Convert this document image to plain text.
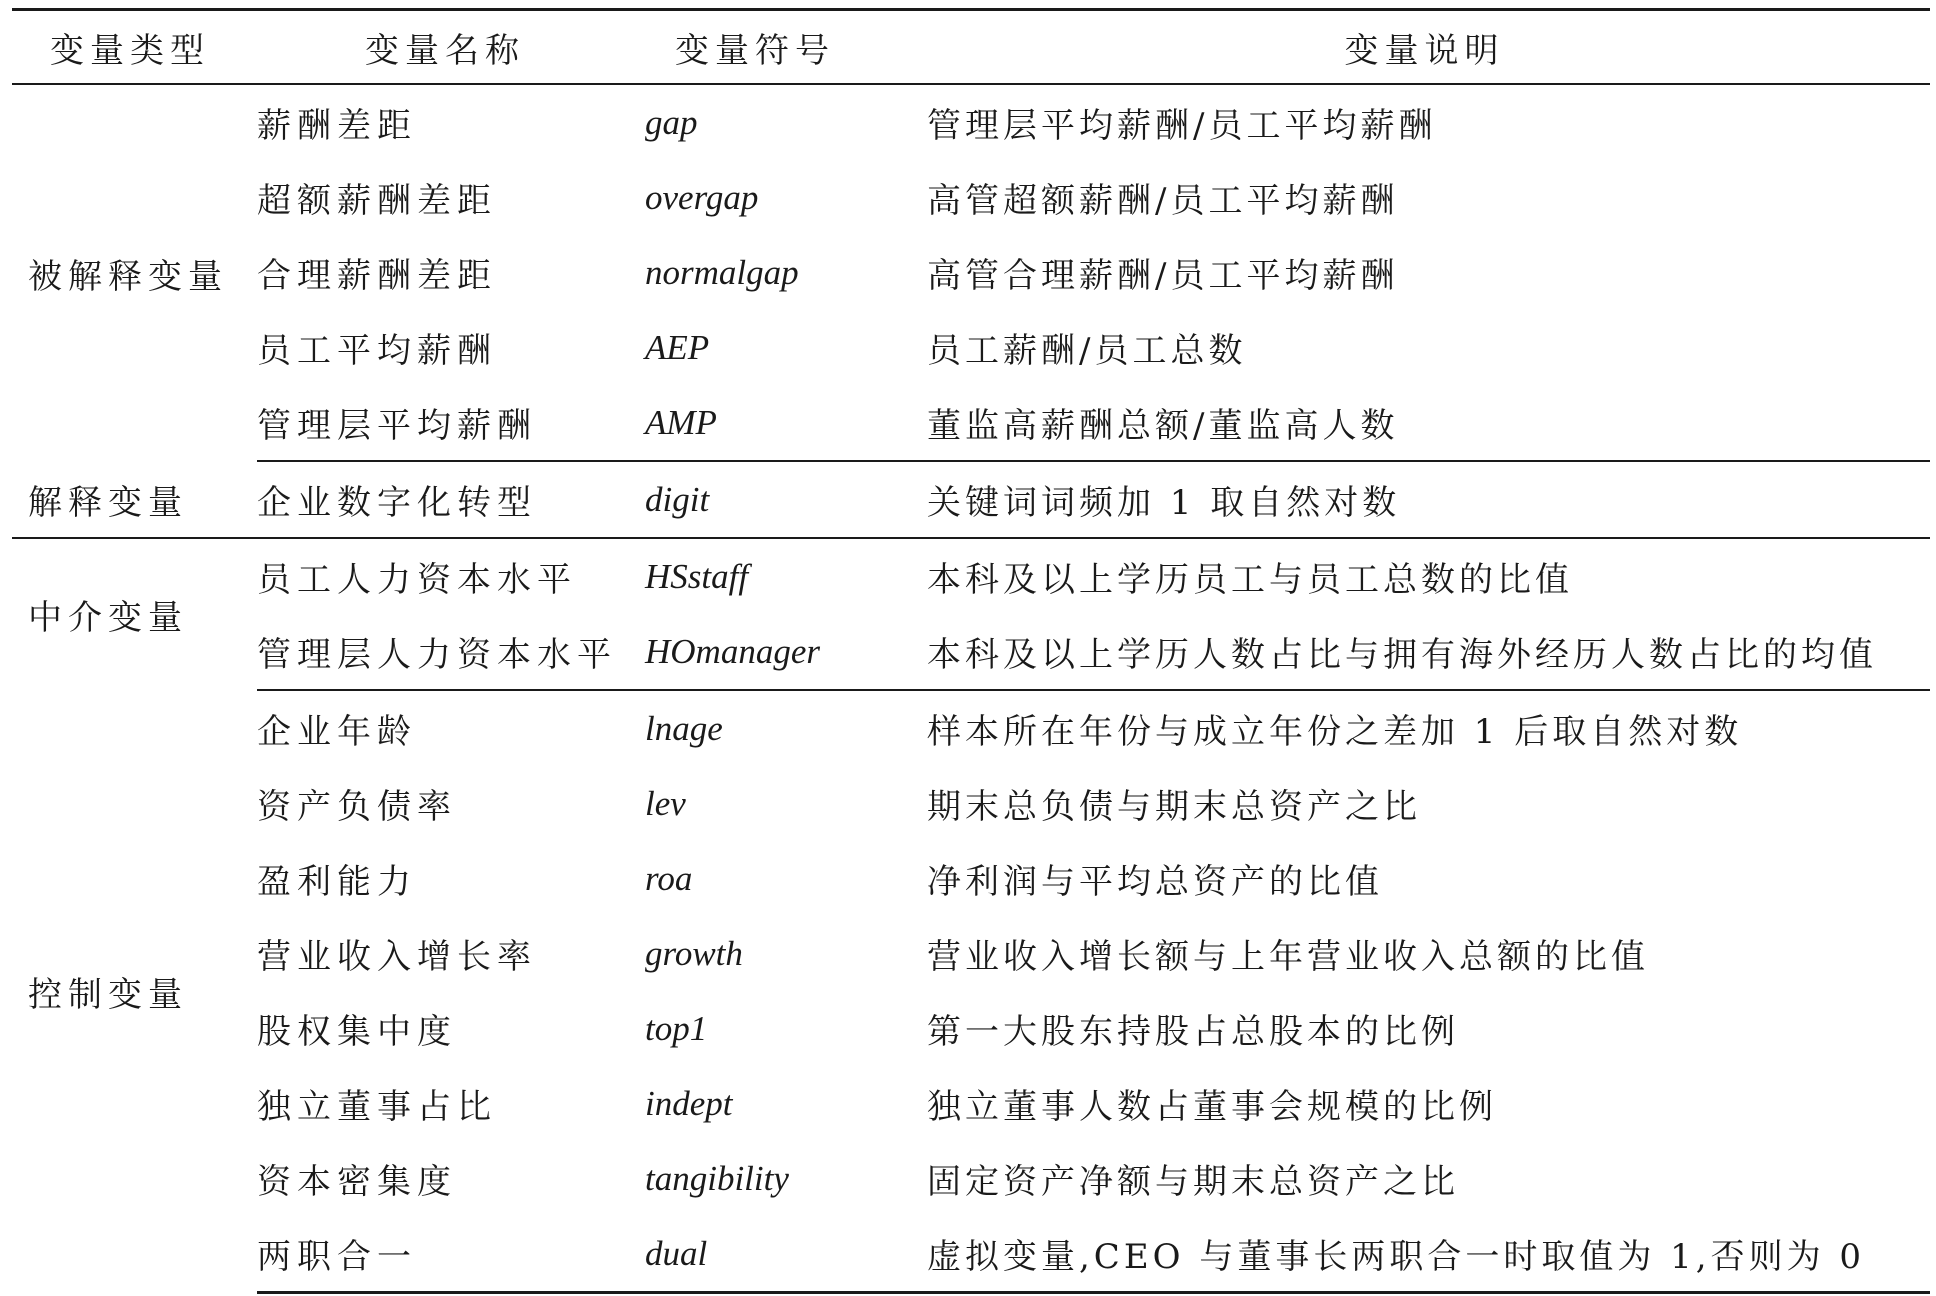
变量类型	变量名称	变量符号	变量说明
被解释变量	薪酬差距	gap	管理层平均薪酬/员工平均薪酬
	超额薪酬差距	overgap	高管超额薪酬/员工平均薪酬
	合理薪酬差距	normalgap	高管合理薪酬/员工平均薪酬
	员工平均薪酬	AEP	员工薪酬/员工总数
	管理层平均薪酬	AMP	董监高薪酬总额/董监高人数
解释变量	企业数字化转型	digit	关键词词频加 1 取自然对数
中介变量	员工人力资本水平	HSstaff	本科及以上学历员工与员工总数的比值
	管理层人力资本水平	HOmanager	本科及以上学历人数占比与拥有海外经历人数占比的均值
控制变量	企业年龄	lnage	样本所在年份与成立年份之差加 1 后取自然对数
	资产负债率	lev	期末总负债与期末总资产之比
	盈利能力	roa	净利润与平均总资产的比值
	营业收入增长率	growth	营业收入增长额与上年营业收入总额的比值
	股权集中度	top1	第一大股东持股占总股本的比例
	独立董事占比	indept	独立董事人数占董事会规模的比例
	资本密集度	tangibility	固定资产净额与期末总资产之比
	两职合一	dual	虚拟变量,CEO 与董事长两职合一时取值为 1,否则为 0
